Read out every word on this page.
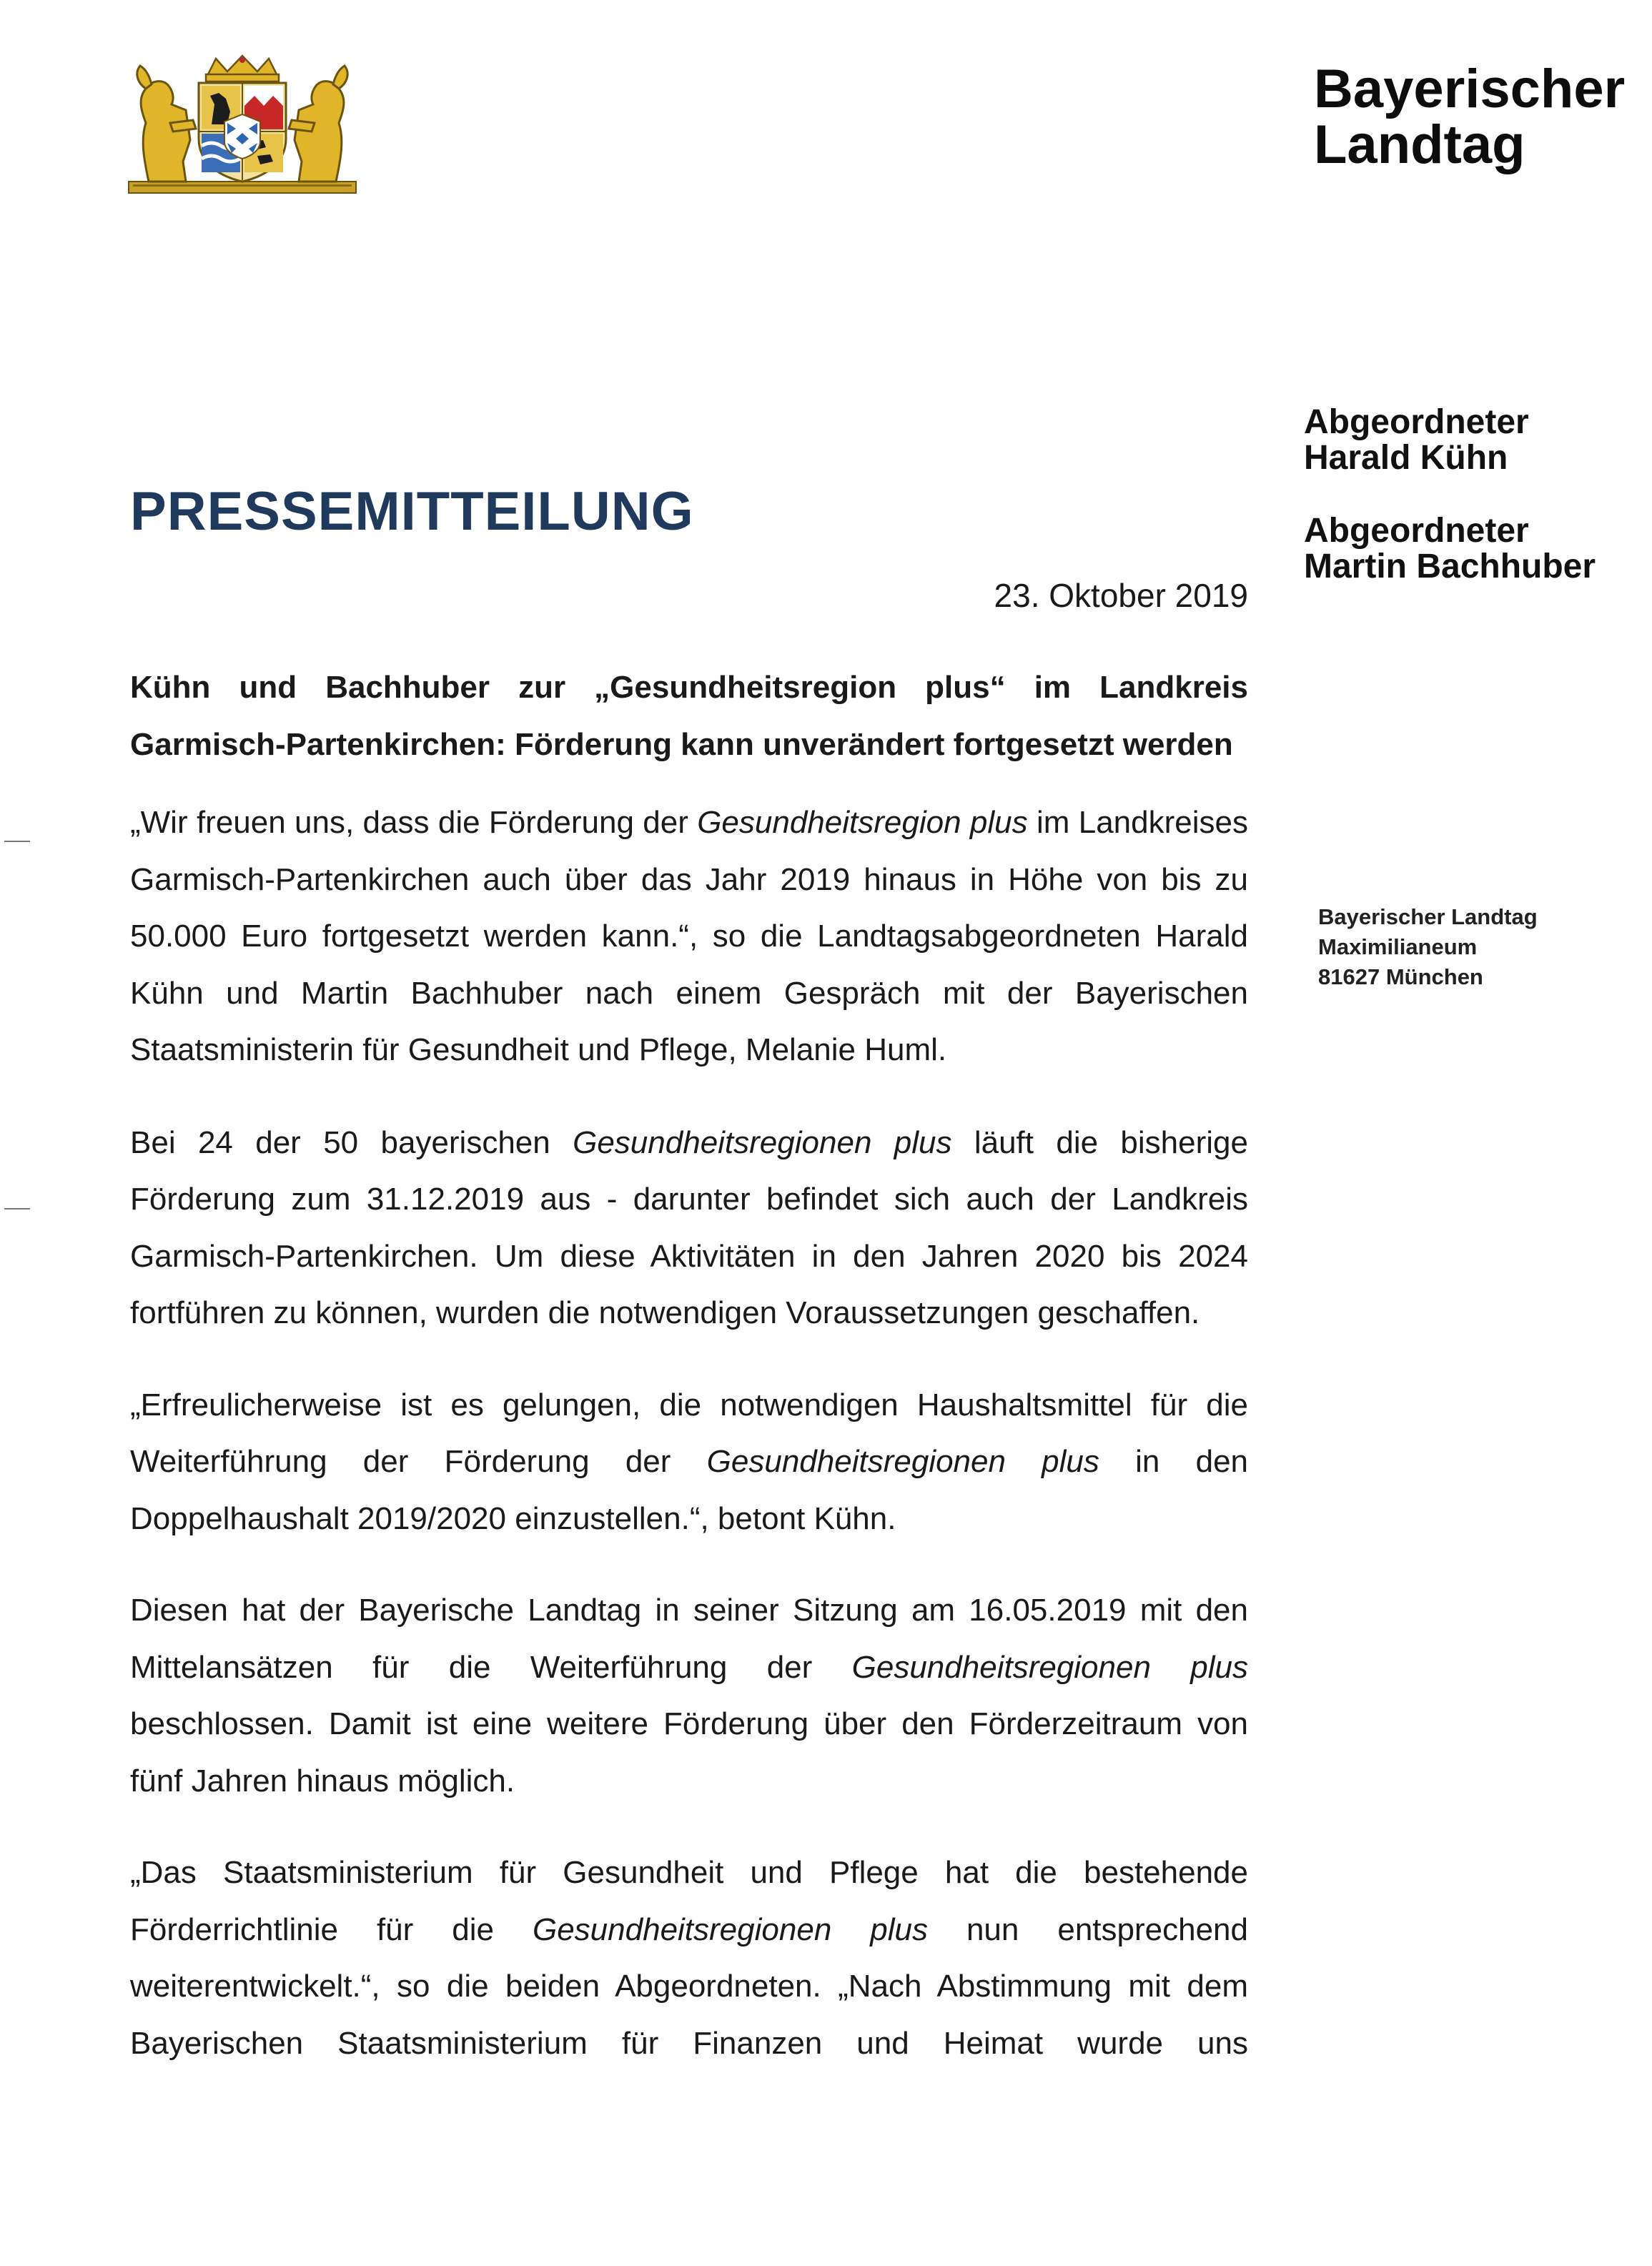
Bayerischer
Landtag
Abgeordneter
Harald Kühn
Abgeordneter
Martin Bachhuber
PRESSEMITTEILUNG
23. Oktober 2019
Bayerischer Landtag
Maximilianeum
81627 München

Kühn und Bachhuber zur „Gesundheitsregion plus“ im Landkreis Garmisch-Partenkirchen: Förderung kann unverändert fortgesetzt werden

„Wir freuen uns, dass die Förderung der Gesundheitsregion plus im Landkreises Garmisch-Partenkirchen auch über das Jahr 2019 hinaus in Höhe von bis zu 50.000 Euro fortgesetzt werden kann.“, so die Landtagsabgeordneten Harald Kühn und Martin Bachhuber nach einem Gespräch mit der Bayerischen Staatsministerin für Gesundheit und Pflege, Melanie Huml.

Bei 24 der 50 bayerischen Gesundheitsregionen plus läuft die bisherige Förderung zum 31.12.2019 aus - darunter befindet sich auch der Landkreis Garmisch-Partenkirchen. Um diese Aktivitäten in den Jahren 2020 bis 2024 fortführen zu können, wurden die notwendigen Voraussetzungen geschaffen.

„Erfreulicherweise ist es gelungen, die notwendigen Haushaltsmittel für die Weiterführung der Förderung der Gesundheitsregionen plus in den Doppelhaushalt 2019/2020 einzustellen.“, betont Kühn.

Diesen hat der Bayerische Landtag in seiner Sitzung am 16.05.2019 mit den Mittelansätzen für die Weiterführung der Gesundheitsregionen plus beschlossen. Damit ist eine weitere Förderung über den Förderzeitraum von fünf Jahren hinaus möglich.

„Das Staatsministerium für Gesundheit und Pflege hat die bestehende Förderrichtlinie für die Gesundheitsregionen plus nun entsprechend weiterentwickelt.“, so die beiden Abgeordneten. „Nach Abstimmung mit dem Bayerischen Staatsministerium für Finanzen und Heimat wurde uns
